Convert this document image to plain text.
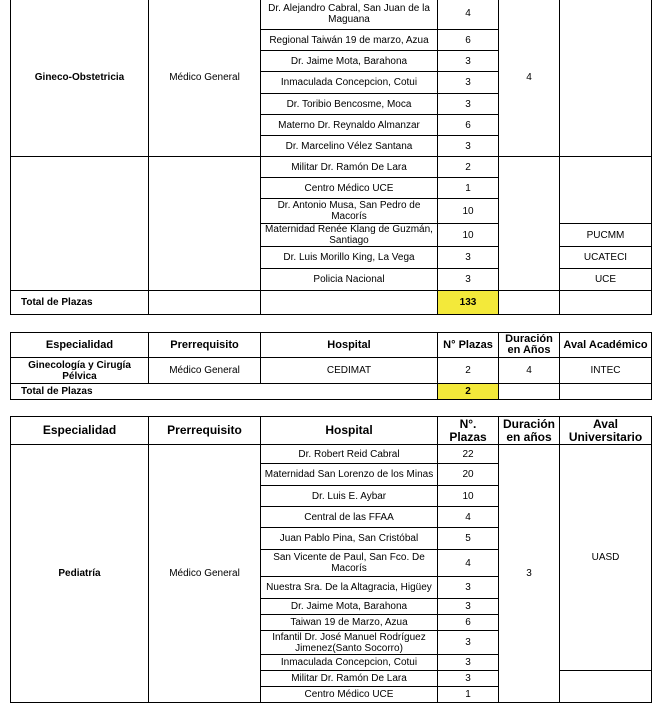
Gineco-Obstetricia	Médico General	Dr. Alejandro Cabral, San Juan de la Maguana	4	4	
		Regional Taiwán 19 de marzo, Azua	6		
		Dr. Jaime Mota, Barahona	3		
		Inmaculada Concepcion, Cotui	3		
		Dr. Toribio Bencosme, Moca	3		
		Materno Dr. Reynaldo Almanzar	6		
		Dr. Marcelino Vélez Santana	3		
		Militar Dr. Ramón De Lara	2		
		Centro Médico UCE	1		
		Dr. Antonio Musa, San Pedro de Macorís	10		
		Maternidad Renée Klang de Guzmán, Santiago	10		PUCMM
		Dr. Luis Morillo King, La Vega	3		UCATECI
		Policia Nacional	3		UCE
Total de Plazas			133		
Especialidad	Prerrequisito	Hospital	N° Plazas	Duración en Años	Aval Académico
Ginecología y Cirugía Pélvica	Médico General	CEDIMAT	2	4	INTEC
Total de Plazas			2		
Especialidad	Prerrequisito	Hospital	N°. Plazas	Duración en años	Aval Universitario
Pediatría	Médico General	Dr. Robert Reid Cabral	22	3	UASD
		Maternidad San Lorenzo de los Minas	20		
		Dr. Luis E. Aybar	10		
		Central de las FFAA	4		
		Juan Pablo Pina, San Cristóbal	5		
		San Vicente de Paul, San Fco. De Macorís	4		
		Nuestra Sra. De la Altagracia, Higüey	3		
		Dr. Jaime Mota, Barahona	3		
		Taiwan 19 de Marzo, Azua	6		
		Infantil Dr. José Manuel Rodríguez Jimenez(Santo Socorro)	3		
		Inmaculada Concepcion, Cotui	3		
		Militar Dr. Ramón De Lara	3		
		Centro Médico UCE	1		
